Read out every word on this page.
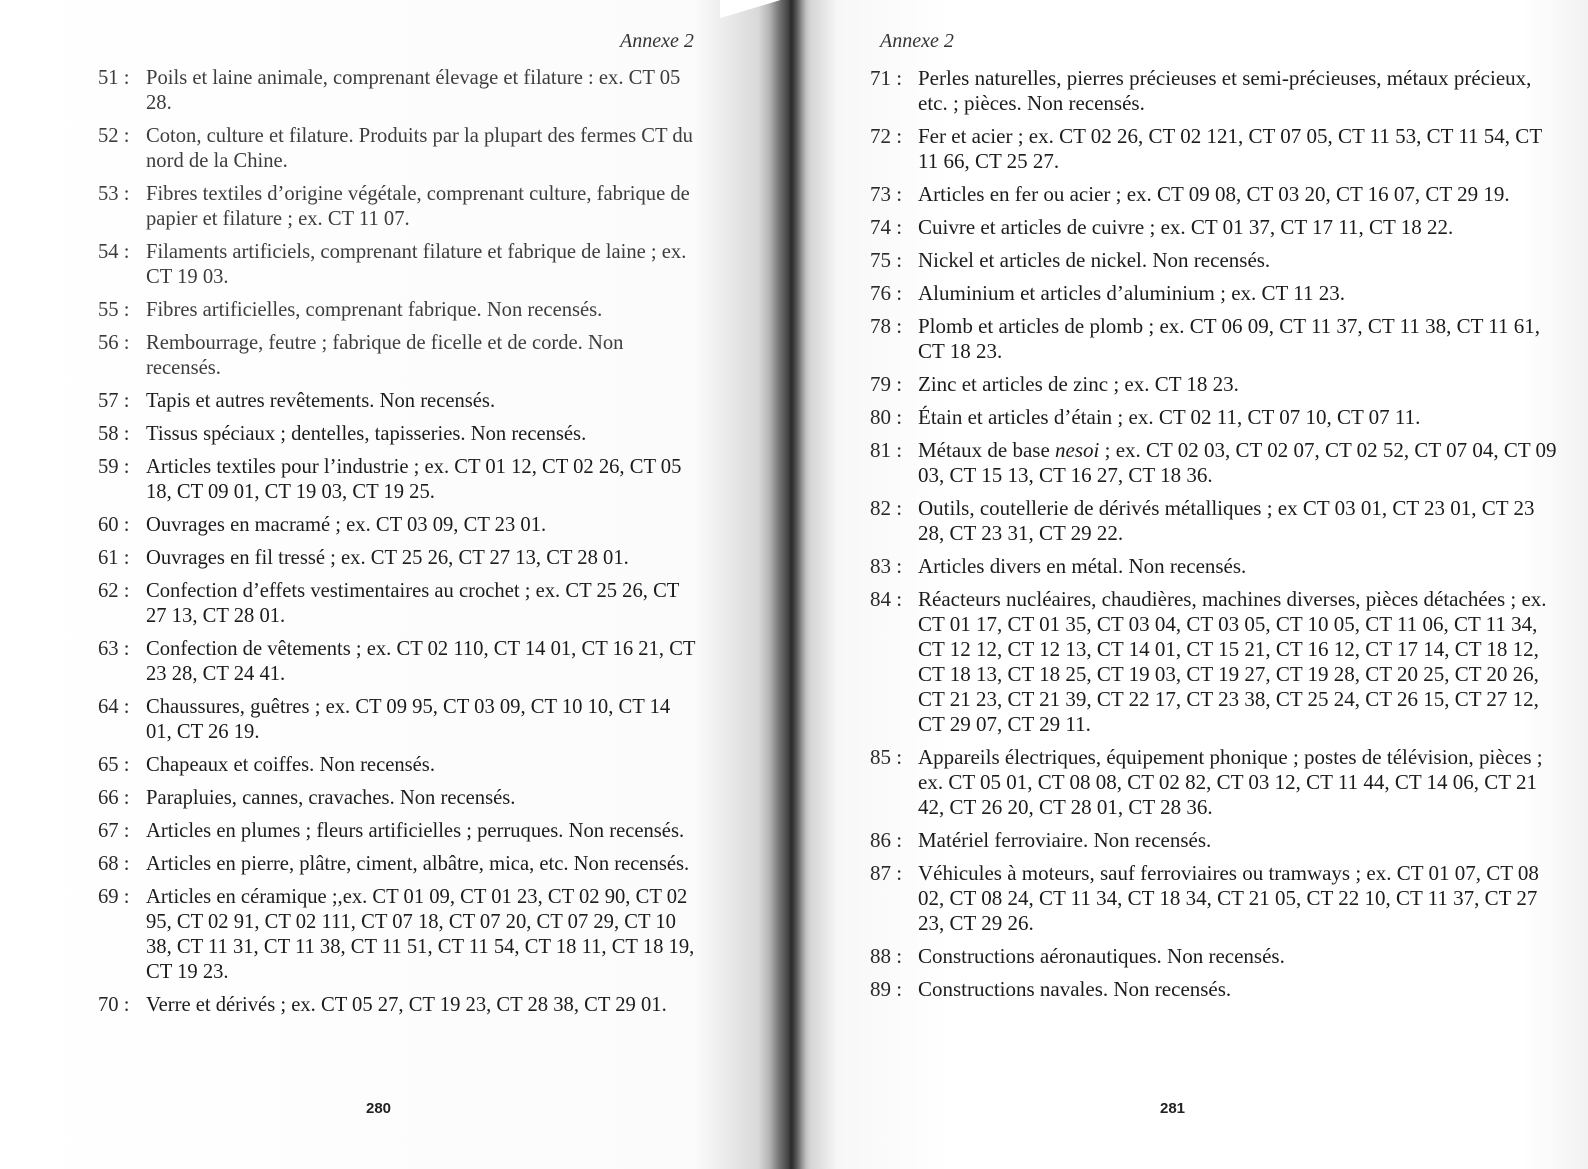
Annexe 2
51 : Poils et laine animale, comprenant élevage et filature : ex. CT 05 28.
52 : Coton, culture et filature. Produits par la plupart des fermes CT du nord de la Chine.
53 : Fibres textiles d’origine végétale, comprenant culture, fabrique de papier et filature ; ex. CT 11 07.
54 : Filaments artificiels, comprenant filature et fabrique de laine ; ex. CT 19 03.
55 : Fibres artificielles, comprenant fabrique. Non recensés.
56 : Rembourrage, feutre ; fabrique de ficelle et de corde. Non recensés.
57 : Tapis et autres revêtements. Non recensés.
58 : Tissus spéciaux ; dentelles, tapisseries. Non recensés.
59 : Articles textiles pour l’industrie ; ex. CT 01 12, CT 02 26, CT 05 18, CT 09 01, CT 19 03, CT 19 25.
60 : Ouvrages en macramé ; ex. CT 03 09, CT 23 01.
61 : Ouvrages en fil tressé ; ex. CT 25 26, CT 27 13, CT 28 01.
62 : Confection d’effets vestimentaires au crochet ; ex. CT 25 26, CT 27 13, CT 28 01.
63 : Confection de vêtements ; ex. CT 02 110, CT 14 01, CT 16 21, CT 23 28, CT 24 41.
64 : Chaussures, guêtres ; ex. CT 09 95, CT 03 09, CT 10 10, CT 14 01, CT 26 19.
65 : Chapeaux et coiffes. Non recensés.
66 : Parapluies, cannes, cravaches. Non recensés.
67 : Articles en plumes ; fleurs artificielles ; perruques. Non recensés.
68 : Articles en pierre, plâtre, ciment, albâtre, mica, etc. Non recensés.
69 : Articles en céramique ;,ex. CT 01 09, CT 01 23, CT 02 90, CT 02 95, CT 02 91, CT 02 111, CT 07 18, CT 07 20, CT 07 29, CT 10 38, CT 11 31, CT 11 38, CT 11 51, CT 11 54, CT 18 11, CT 18 19, CT 19 23.
70 : Verre et dérivés ; ex. CT 05 27, CT 19 23, CT 28 38, CT 29 01.
280
Annexe 2
71 : Perles naturelles, pierres précieuses et semi-précieuses, métaux précieux, etc. ; pièces. Non recensés.
72 : Fer et acier ; ex. CT 02 26, CT 02 121, CT 07 05, CT 11 53, CT 11 54, CT 11 66, CT 25 27.
73 : Articles en fer ou acier ; ex. CT 09 08, CT 03 20, CT 16 07, CT 29 19.
74 : Cuivre et articles de cuivre ; ex. CT 01 37, CT 17 11, CT 18 22.
75 : Nickel et articles de nickel. Non recensés.
76 : Aluminium et articles d’aluminium ; ex. CT 11 23.
78 : Plomb et articles de plomb ; ex. CT 06 09, CT 11 37, CT 11 38, CT 11 61, CT 18 23.
79 : Zinc et articles de zinc ; ex. CT 18 23.
80 : Étain et articles d’étain ; ex. CT 02 11, CT 07 10, CT 07 11.
81 : Métaux de base nesoi ; ex. CT 02 03, CT 02 07, CT 02 52, CT 07 04, CT 09 03, CT 15 13, CT 16 27, CT 18 36.
82 : Outils, coutellerie de dérivés métalliques ; ex CT 03 01, CT 23 01, CT 23 28, CT 23 31, CT 29 22.
83 : Articles divers en métal. Non recensés.
84 : Réacteurs nucléaires, chaudières, machines diverses, pièces détachées ; ex. CT 01 17, CT 01 35, CT 03 04, CT 03 05, CT 10 05, CT 11 06, CT 11 34, CT 12 12, CT 12 13, CT 14 01, CT 15 21, CT 16 12, CT 17 14, CT 18 12, CT 18 13, CT 18 25, CT 19 03, CT 19 27, CT 19 28, CT 20 25, CT 20 26, CT 21 23, CT 21 39, CT 22 17, CT 23 38, CT 25 24, CT 26 15, CT 27 12, CT 29 07, CT 29 11.
85 : Appareils électriques, équipement phonique ; postes de télévision, pièces ; ex. CT 05 01, CT 08 08, CT 02 82, CT 03 12, CT 11 44, CT 14 06, CT 21 42, CT 26 20, CT 28 01, CT 28 36.
86 : Matériel ferroviaire. Non recensés.
87 : Véhicules à moteurs, sauf ferroviaires ou tramways ; ex. CT 01 07, CT 08 02, CT 08 24, CT 11 34, CT 18 34, CT 21 05, CT 22 10, CT 11 37, CT 27 23, CT 29 26.
88 : Constructions aéronautiques. Non recensés.
89 : Constructions navales. Non recensés.
281
